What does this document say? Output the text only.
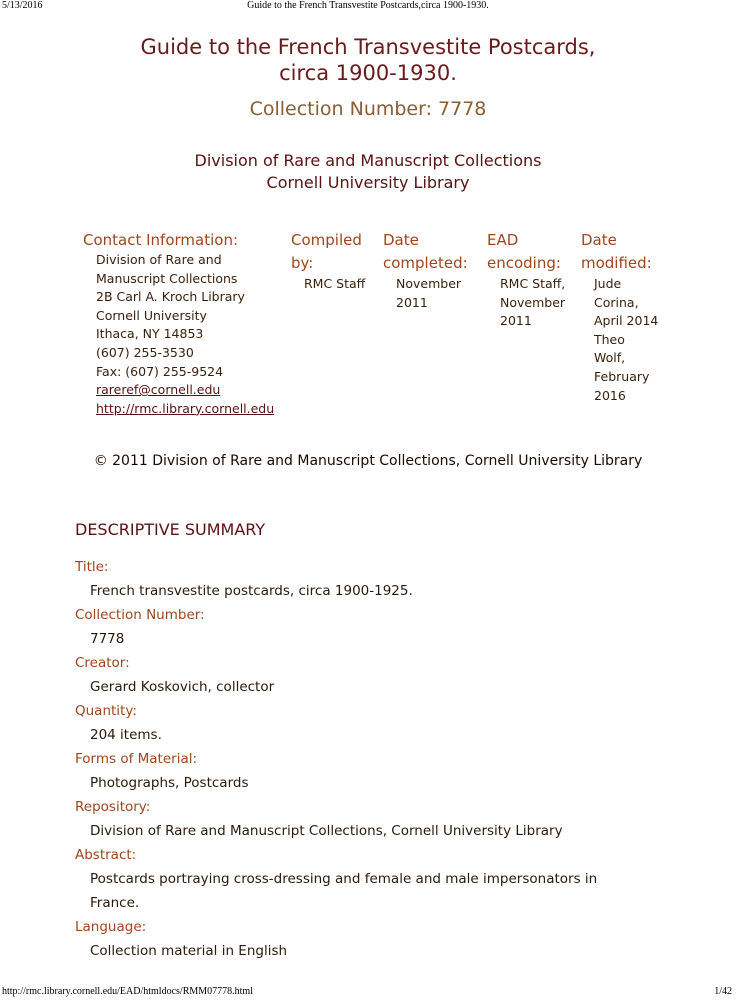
5/13/2016	Guide to the French Transvestite Postcards,circa 1900-1930.
Guide to the French Transvestite Postcards,
circa 1900-1930.
Collection Number: 7778
Division of Rare and Manuscript Collections
Cornell University Library
Contact Information:
Division of Rare and
Manuscript Collections
2B Carl A. Kroch Library
Cornell University
Ithaca, NY 14853
(607) 255-3530
Fax: (607) 255-9524
rareref@cornell.edu
http://rmc.library.cornell.edu
Compiled
by:
RMC Staff
Date
completed:
November
2011
EAD
encoding:
RMC Staff,
November
2011
Date
modified:
Jude
Corina,
April 2014
Theo
Wolf,
February
2016
© 2011 Division of Rare and Manuscript Collections, Cornell University Library
DESCRIPTIVE SUMMARY
Title:
French transvestite postcards, circa 1900-1925.
Collection Number:
7778
Creator:
Gerard Koskovich, collector
Quantity:
204 items.
Forms of Material:
Photographs, Postcards
Repository:
Division of Rare and Manuscript Collections, Cornell University Library
Abstract:
Postcards portraying cross-dressing and female and male impersonators in France.
Language:
Collection material in English
http://rmc.library.cornell.edu/EAD/htmldocs/RMM07778.html	1/42
